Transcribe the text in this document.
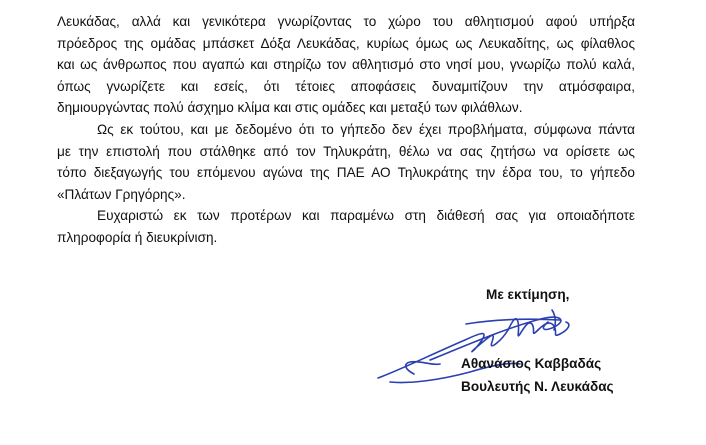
Λευκάδας, αλλά και γενικότερα γνωρίζοντας το χώρο του αθλητισμού αφού υπήρξα
πρόεδρος της ομάδας μπάσκετ Δόξα Λευκάδας, κυρίως όμως ως Λευκαδίτης, ως φίλαθλος
και ως άνθρωπος που αγαπώ και στηρίζω τον αθλητισμό στο νησί μου, γνωρίζω πολύ καλά,
όπως γνωρίζετε και εσείς, ότι τέτοιες αποφάσεις δυναμιτίζουν την ατμόσφαιρα,
δημιουργώντας πολύ άσχημο κλίμα και στις ομάδες και μεταξύ των φιλάθλων.
Ως εκ τούτου, και με δεδομένο ότι το γήπεδο δεν έχει προβλήματα, σύμφωνα πάντα
με την επιστολή που στάλθηκε από τον Τηλυκράτη, θέλω να σας ζητήσω να ορίσετε ως
τόπο διεξαγωγής του επόμενου αγώνα της ΠΑΕ ΑΟ Τηλυκράτης την έδρα του, το γήπεδο
«Πλάτων Γρηγόρης».
Ευχαριστώ εκ των προτέρων και παραμένω στη διάθεσή σας για οποιαδήποτε
πληροφορία ή διευκρίνιση.
Με εκτίμηση,
Αθανάσιος Καββαδάς
Βουλευτής Ν. Λευκάδας
